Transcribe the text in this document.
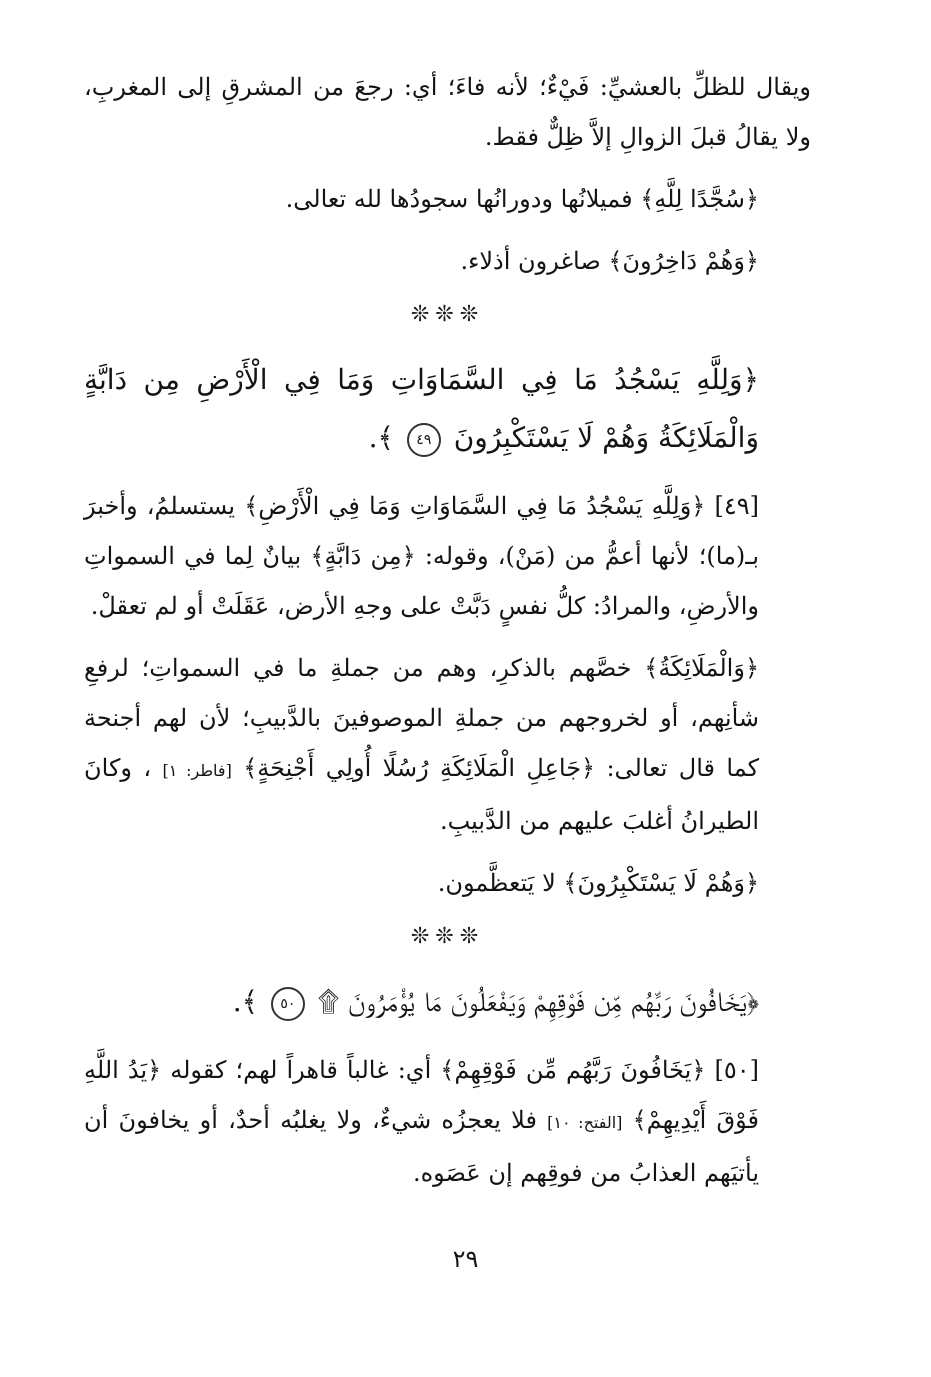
ويقال للظلِّ بالعشيِّ: فَيْءٌ؛ لأنه فاءَ؛ أي: رجعَ من المشرقِ إلى المغربِ، ولا يقالُ قبلَ الزوالِ إلاَّ ظِلٌّ فقط.

﴿سُجَّدًا لِلَّهِ﴾ فميلانُها ودورانُها سجودُها لله تعالى.

﴿وَهُمْ دَاخِرُونَ﴾ صاغرون أذلاء.

❊❊❊

﴿وَلِلَّهِ يَسْجُدُ مَا فِي السَّمَاوَاتِ وَمَا فِي الْأَرْضِ مِن دَابَّةٍ وَالْمَلَائِكَةُ وَهُمْ لَا يَسْتَكْبِرُونَ ٤٩ ﴾.

[٤٩] ﴿وَلِلَّهِ يَسْجُدُ مَا فِي السَّمَاوَاتِ وَمَا فِي الْأَرْضِ﴾ يستسلمُ، وأخبرَ بـ(ما)؛ لأنها أعمُّ من (مَنْ)، وقوله: ﴿مِن دَابَّةٍ﴾ بيانٌ لِما في السمواتِ والأرضِ، والمرادُ: كلُّ نفسٍ دَبَّتْ على وجهِ الأرض، عَقَلَتْ أو لم تعقلْ.

﴿وَالْمَلَائِكَةُ﴾ خصَّهم بالذكرِ، وهم من جملةِ ما في السمواتِ؛ لرفعِ شأنِهم، أو لخروجهم من جملةِ الموصوفينَ بالدَّبيبِ؛ لأن لهم أجنحة كما قال تعالى: ﴿جَاعِلِ الْمَلَائِكَةِ رُسُلًا أُولِي أَجْنِحَةٍ﴾ [فاطر: ١] ، وكانَ الطيرانُ أغلبَ عليهم من الدَّبيبِ.

﴿وَهُمْ لَا يَسْتَكْبِرُونَ﴾ لا يَتعظَّمون.

❊❊❊

﴿يَخَافُونَ رَبَّهُم مِّن فَوْقِهِمْ وَيَفْعَلُونَ مَا يُؤْمَرُونَ ۩ ٥٠ ﴾.

[٥٠] ﴿يَخَافُونَ رَبَّهُم مِّن فَوْقِهِمْ﴾ أي: غالباً قاهراً لهم؛ كقوله ﴿يَدُ اللَّهِ فَوْقَ أَيْدِيهِمْ﴾ [الفتح: ١٠] فلا يعجزُه شيءٌ، ولا يغلبُه أحدٌ، أو يخافونَ أن يأتيَهم العذابُ من فوقِهم إن عَصَوه.

٢٩
